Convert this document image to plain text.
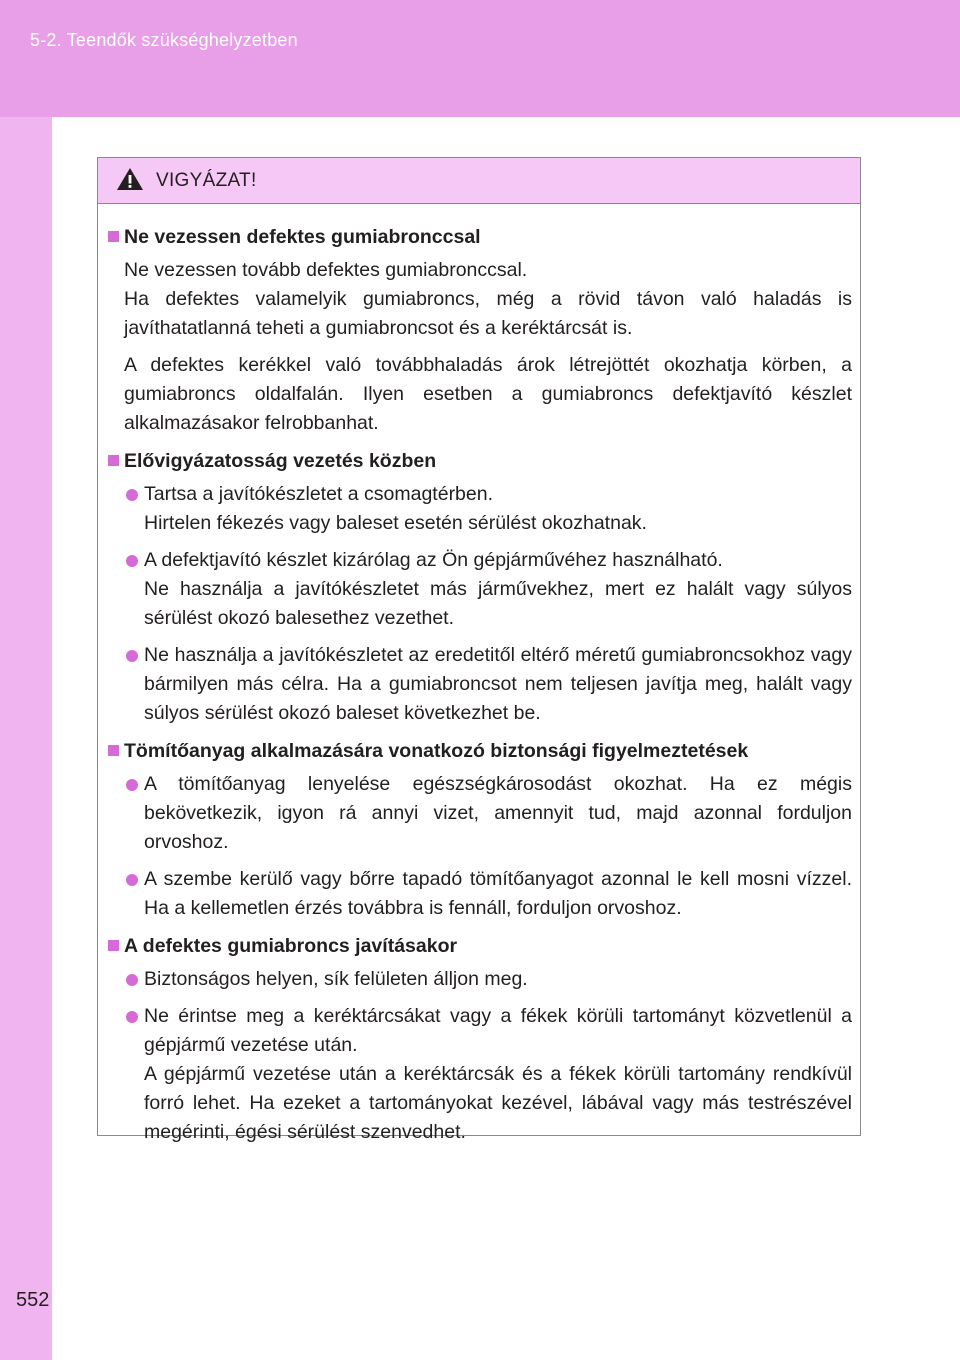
5-2. Teendők szükséghelyzetben
552
VIGYÁZAT!
Ne vezessen defektes gumiabronccsal
Ne vezessen tovább defektes gumiabronccsal.
Ha defektes valamelyik gumiabroncs, még a rövid távon való haladás is javíthatatlanná teheti a gumiabroncsot és a keréktárcsát is.
A defektes kerékkel való továbbhaladás árok létrejöttét okozhatja körben, a gumiabroncs oldalfalán. Ilyen esetben a gumiabroncs defektjavító készlet alkalmazásakor felrobbanhat.
Elővigyázatosság vezetés közben
Tartsa a javítókészletet a csomagtérben.
Hirtelen fékezés vagy baleset esetén sérülést okozhatnak.
A defektjavító készlet kizárólag az Ön gépjárművéhez használható.
Ne használja a javítókészletet más járművekhez, mert ez halált vagy súlyos sérülést okozó balesethez vezethet.
Ne használja a javítókészletet az eredetitől eltérő méretű gumiabroncsokhoz vagy bármilyen más célra. Ha a gumiabroncsot nem teljesen javítja meg, halált vagy súlyos sérülést okozó baleset következhet be.
Tömítőanyag alkalmazására vonatkozó biztonsági figyelmeztetések
A tömítőanyag lenyelése egészségkárosodást okozhat. Ha ez mégis bekövetkezik, igyon rá annyi vizet, amennyit tud, majd azonnal forduljon orvoshoz.
A szembe kerülő vagy bőrre tapadó tömítőanyagot azonnal le kell mosni vízzel. Ha a kellemetlen érzés továbbra is fennáll, forduljon orvoshoz.
A defektes gumiabroncs javításakor
Biztonságos helyen, sík felületen álljon meg.
Ne érintse meg a keréktárcsákat vagy a fékek körüli tartományt közvetlenül a gépjármű vezetése után.
A gépjármű vezetése után a keréktárcsák és a fékek körüli tartomány rendkívül forró lehet. Ha ezeket a tartományokat kezével, lábával vagy más testrészével megérinti, égési sérülést szenvedhet.
